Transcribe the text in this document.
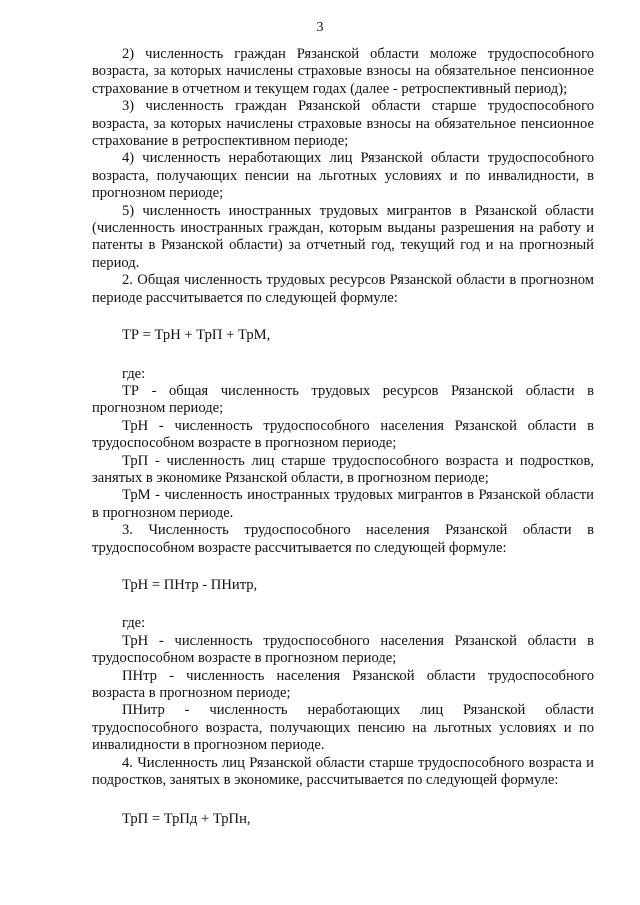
3

2) численность граждан Рязанской области моложе трудоспособного возраста, за которых начислены страховые взносы на обязательное пенсионное страхование в отчетном и текущем годах (далее - ретроспективный период);

3) численность граждан Рязанской области старше трудоспособного возраста, за которых начислены страховые взносы на обязательное пенсионное страхование в ретроспективном периоде;

4) численность неработающих лиц Рязанской области трудоспособного возраста, получающих пенсии на льготных условиях и по инвалидности, в прогнозном периоде;

5) численность иностранных трудовых мигрантов в Рязанской области (численность иностранных граждан, которым выданы разрешения на работу и патенты в Рязанской области) за отчетный год, текущий год и на прогнозный период.

2. Общая численность трудовых ресурсов Рязанской области в прогнозном периоде рассчитывается по следующей формуле:

ТР = ТрН + ТрП + ТрМ,

где:

ТР - общая численность трудовых ресурсов Рязанской области в прогнозном периоде;

ТрН - численность трудоспособного населения Рязанской области в трудоспособном возрасте в прогнозном периоде;

ТрП - численность лиц старше трудоспособного возраста и подростков, занятых в экономике Рязанской области, в прогнозном периоде;

ТрМ - численность иностранных трудовых мигрантов в Рязанской области в прогнозном периоде.

3. Численность трудоспособного населения Рязанской области в трудоспособном возрасте рассчитывается по следующей формуле:

ТрН = ПНтр - ПНитр,

где:

ТрН - численность трудоспособного населения Рязанской области в трудоспособном возрасте в прогнозном периоде;

ПНтр - численность населения Рязанской области трудоспособного возраста в прогнозном периоде;

ПНитр - численность неработающих лиц Рязанской области трудоспособного возраста, получающих пенсию на льготных условиях и по инвалидности в прогнозном периоде.

4. Численность лиц Рязанской области старше трудоспособного возраста и подростков, занятых в экономике, рассчитывается по следующей формуле:

ТрП = ТрПд + ТрПн,
